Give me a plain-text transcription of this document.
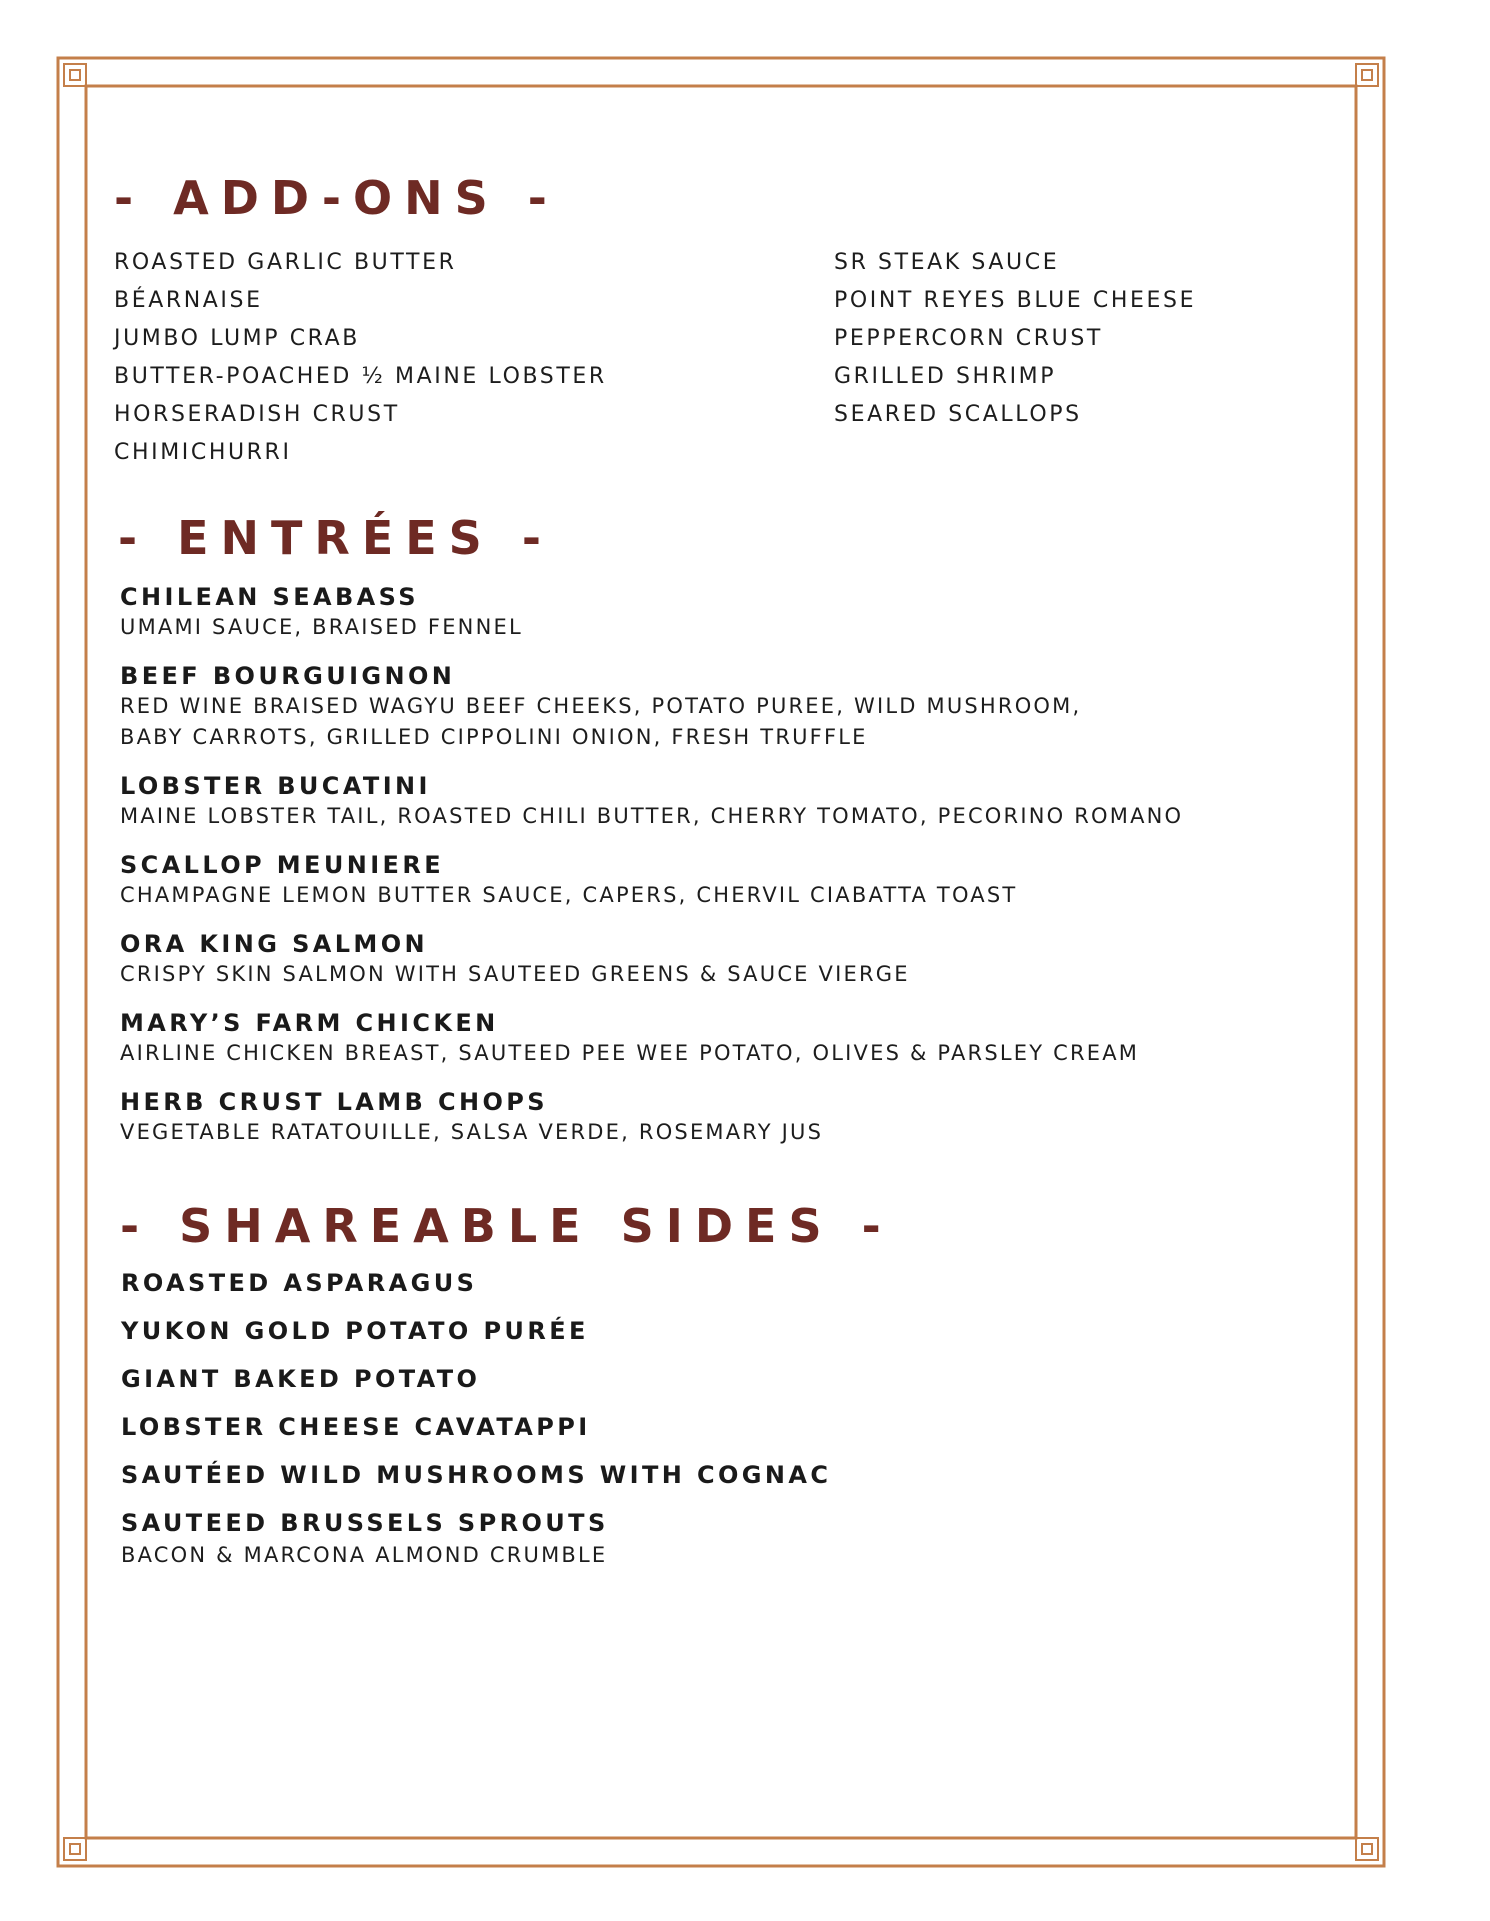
- ADD-ONS -
ROASTED GARLIC BUTTER
BÉARNAISE
JUMBO LUMP CRAB
BUTTER-POACHED ½ MAINE LOBSTER
HORSERADISH CRUST
CHIMICHURRI
SR STEAK SAUCE
POINT REYES BLUE CHEESE
PEPPERCORN CRUST
GRILLED SHRIMP
SEARED SCALLOPS
- ENTRÉES -
CHILEAN SEABASS
UMAMI SAUCE, BRAISED FENNEL
BEEF BOURGUIGNON
RED WINE BRAISED WAGYU BEEF CHEEKS, POTATO PUREE, WILD MUSHROOM,
BABY CARROTS, GRILLED CIPPOLINI ONION, FRESH TRUFFLE
LOBSTER BUCATINI
MAINE LOBSTER TAIL, ROASTED CHILI BUTTER, CHERRY TOMATO, PECORINO ROMANO
SCALLOP MEUNIERE
CHAMPAGNE LEMON BUTTER SAUCE, CAPERS, CHERVIL CIABATTA TOAST
ORA KING SALMON
CRISPY SKIN SALMON WITH SAUTEED GREENS & SAUCE VIERGE
MARY’S FARM CHICKEN
AIRLINE CHICKEN BREAST, SAUTEED PEE WEE POTATO, OLIVES & PARSLEY CREAM
HERB CRUST LAMB CHOPS
VEGETABLE RATATOUILLE, SALSA VERDE, ROSEMARY JUS
- SHAREABLE SIDES -
ROASTED ASPARAGUS
YUKON GOLD POTATO PURÉE
GIANT BAKED POTATO
LOBSTER CHEESE CAVATAPPI
SAUTÉED WILD MUSHROOMS WITH COGNAC
SAUTEED BRUSSELS SPROUTS
BACON & MARCONA ALMOND CRUMBLE
